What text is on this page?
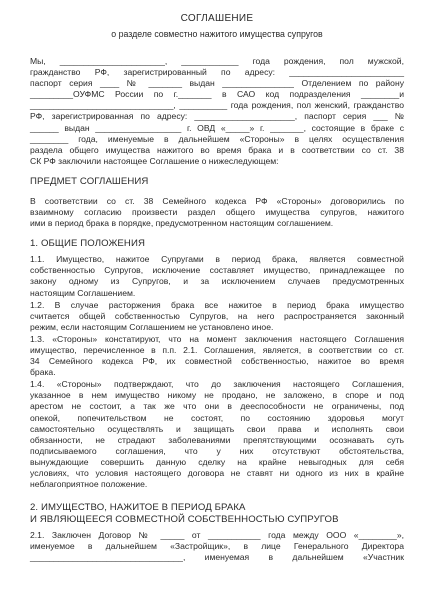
СОГЛАШЕНИЕ
о разделе совместно нажитого имущества супругов
Мы, ______________________, ____________ года рождения, пол мужской,
гражданство РФ, зарегистрированный по адресу: ________________________
паспорт серия ____ № _______ выдан _______________ Отделением по району
_________ОУФМС России по г._______ в САО код подразделения ________и
______________________________, __________ года рождения, пол женский, гражданство
РФ, зарегистрированная по адресу: _____________________, паспорт серия ___ №
______ выдан __________________ г. ОВД «_____» г. _______, состоящие в браке с
________ года, именуемые в дальнейшем «Стороны» в целях осуществления
раздела общего имущества нажитого во время брака и в соответствии со ст. 38
СК РФ заключили настоящее Соглашение о нижеследующем:
ПРЕДМЕТ СОГЛАШЕНИЯ
В соответствии со ст. 38 Семейного кодекса РФ «Стороны» договорились по
взаимному согласию произвести раздел общего имущества супругов, нажитого
ими в период брака в порядке, предусмотренном настоящим соглашением.
1. ОБЩИЕ ПОЛОЖЕНИЯ
1.1. Имущество, нажитое Супругами в период брака, является совместной
собственностью Супругов, исключение составляет имущество, принадлежащее по
закону одному из Супругов, и за исключением случаев предусмотренных
настоящим Соглашением.
1.2. В случае расторжения брака все нажитое в период брака имущество
считается общей собственностью Супругов, на него распространяется законный
режим, если настоящим Соглашением не установлено иное.
1.3. «Стороны» констатируют, что на момент заключения настоящего Соглашения
имущество, перечисленное в п.п. 2.1. Соглашения, является, в соответствии со ст.
34 Семейного кодекса РФ, их совместной собственностью, нажитое во время
брака.
1.4. «Стороны» подтверждают, что до заключения настоящего Соглашения,
указанное в нем имущество никому не продано, не заложено, в споре и под
арестом не состоит, а так же что они в дееспособности не ограничены, под
опекой, попечительством не состоят, по состоянию здоровья могут
самостоятельно осуществлять и защищать свои права и исполнять свои
обязанности, не страдают заболеваниями препятствующими осознавать суть
подписываемого соглашения, что у них отсутствуют обстоятельства,
вынуждающие совершить данную сделку на крайне невыгодных для себя
условиях, что условия настоящего договора не ставят ни одного из них в крайне
неблагоприятное положение.
2. ИМУЩЕСТВО, НАЖИТОЕ В ПЕРИОД БРАКА
И ЯВЛЯЮЩЕЕСЯ СОВМЕСТНОЙ СОБСТВЕННОСТЬЮ СУПРУГОВ
2.1. Заключен Договор № _____ от ___________ года между ООО «________»,
именуемое в дальнейшем «Застройщик», в лице Генерального Директора
________________________________, именуемая в дальнейшем «Участник
